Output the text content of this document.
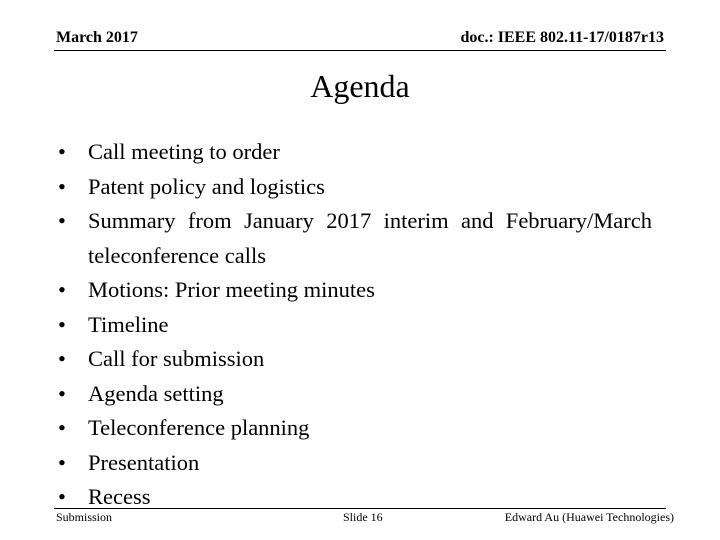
March 2017	doc.: IEEE 802.11-17/0187r13
Agenda
• Call meeting to order
• Patent policy and logistics
• Summary from January 2017 interim and February/March teleconference calls
• Motions: Prior meeting minutes
• Timeline
• Call for submission
• Agenda setting
• Teleconference planning
• Presentation
• Recess
Submission	Slide 16	Edward Au (Huawei Technologies)
